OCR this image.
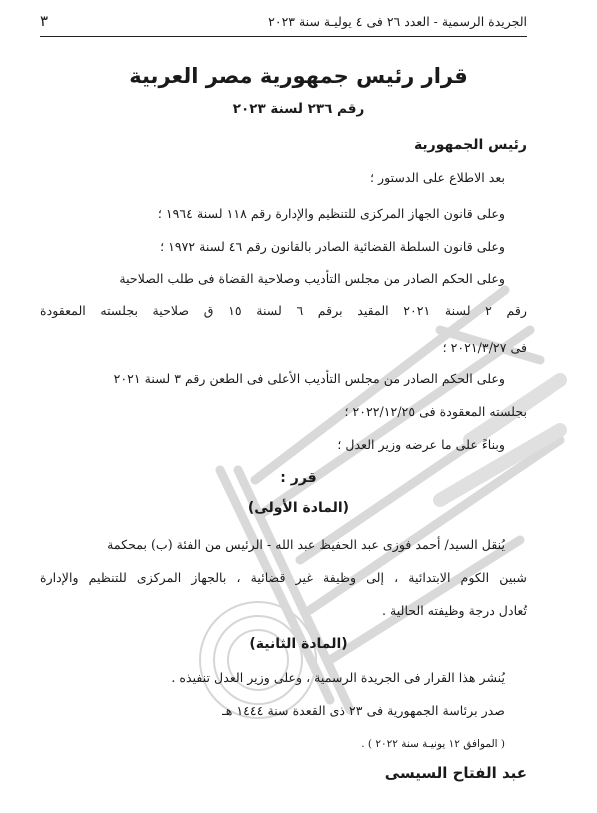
الجريدة الرسمية - العدد ٢٦ فى ٤ يوليـة سنة ٢٠٢٣
٣
قرار رئيس جمهورية مصر العربية
رقم ٢٣٦ لسنة ٢٠٢٣
رئيس الجمهورية
بعد الاطلاع على الدستور ؛
وعلى قانون الجهاز المركزى للتنظيم والإدارة رقم ١١٨ لسنة ١٩٦٤ ؛
وعلى قانون السلطة القضائية الصادر بالقانون رقم ٤٦ لسنة ١٩٧٢ ؛
وعلى الحكم الصادر من مجلس التأديب وصلاحية القضاة فى طلب الصلاحية
رقم ٢ لسنة ٢٠٢١ المقيد برقم ٦ لسنة ١٥ ق صلاحية بجلسته المعقودة
فى ٢٠٢١/٣/٢٧ ؛
وعلى الحكم الصادر من مجلس التأديب الأعلى فى الطعن رقم ٣ لسنة ٢٠٢١
بجلسته المعقودة فى ٢٠٢٢/١٢/٢٥ ؛
وبناءً على ما عرضه وزير العدل ؛
قرر :
(المادة الأولى)
يُنقل السيد/ أحمد فوزى عبد الحفيظ عبد الله - الرئيس من الفئة (ب) بمحكمة
شبين الكوم الابتدائية ، إلى وظيفة غير قضائية ، بالجهاز المركزى للتنظيم والإدارة
تُعادل درجة وظيفته الحالية .
(المادة الثانية)
يُنشر هذا القرار فى الجريدة الرسمية ، وعلى وزير العدل تنفيذه .
صدر برئاسة الجمهورية فى ٢٣ ذى القعدة سنة ١٤٤٤ هـ
( الموافق ١٢ يونيـة سنة ٢٠٢٢ ) .
عبد الفتاح السيسى
